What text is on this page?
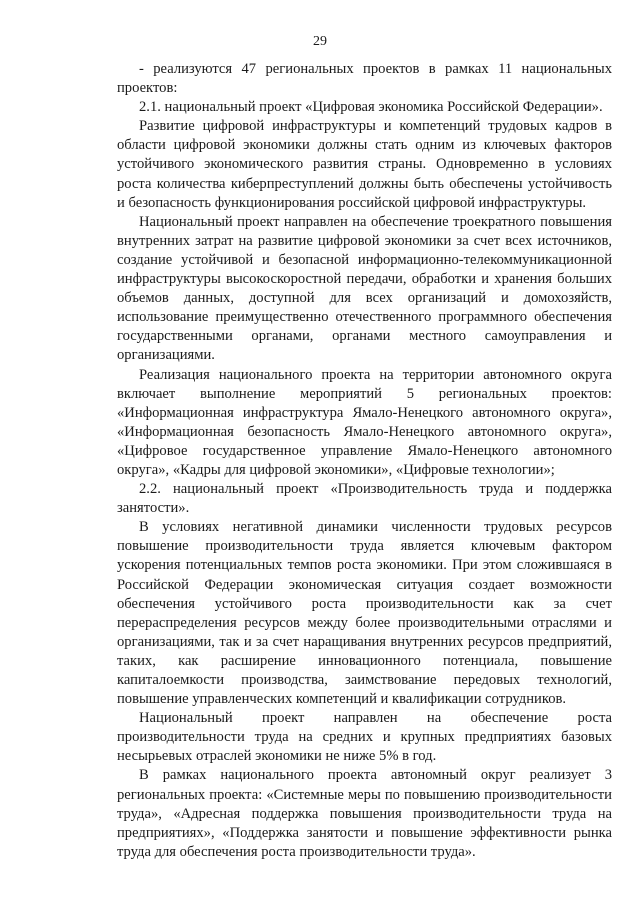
29

- реализуются 47 региональных проектов в рамках 11 национальных проектов:

2.1. национальный проект «Цифровая экономика Российской Федерации».

Развитие цифровой инфраструктуры и компетенций трудовых кадров в области цифровой экономики должны стать одним из ключевых факторов устойчивого экономического развития страны. Одновременно в условиях роста количества киберпреступлений должны быть обеспечены устойчивость и безопасность функционирования российской цифровой инфраструктуры.

Национальный проект направлен на обеспечение троекратного повышения внутренних затрат на развитие цифровой экономики за счет всех источников, создание устойчивой и безопасной информационно-телекоммуникационной инфраструктуры высокоскоростной передачи, обработки и хранения больших объемов данных, доступной для всех организаций и домохозяйств, использование преимущественно отечественного программного обеспечения государственными органами, органами местного самоуправления и организациями.

Реализация национального проекта на территории автономного округа включает выполнение мероприятий 5 региональных проектов: «Информационная инфраструктура Ямало-Ненецкого автономного округа», «Информационная безопасность Ямало-Ненецкого автономного округа», «Цифровое государственное управление Ямало-Ненецкого автономного округа», «Кадры для цифровой экономики», «Цифровые технологии»;

2.2. национальный проект «Производительность труда и поддержка занятости».

В условиях негативной динамики численности трудовых ресурсов повышение производительности труда является ключевым фактором ускорения потенциальных темпов роста экономики. При этом сложившаяся в Российской Федерации экономическая ситуация создает возможности обеспечения устойчивого роста производительности как за счет перераспределения ресурсов между более производительными отраслями и организациями, так и за счет наращивания внутренних ресурсов предприятий, таких, как расширение инновационного потенциала, повышение капиталоемкости производства, заимствование передовых технологий, повышение управленческих компетенций и квалификации сотрудников.

Национальный проект направлен на обеспечение роста производительности труда на средних и крупных предприятиях базовых несырьевых отраслей экономики не ниже 5% в год.

В рамках национального проекта автономный округ реализует 3 региональных проекта: «Системные меры по повышению производительности труда», «Адресная поддержка повышения производительности труда на предприятиях», «Поддержка занятости и повышение эффективности рынка труда для обеспечения роста производительности труда».
